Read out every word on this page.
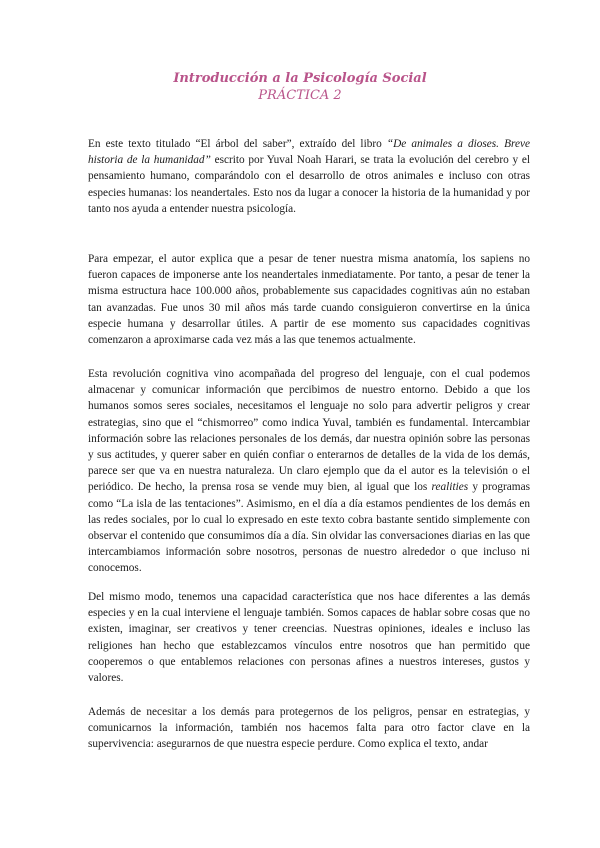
Introducción a la Psicología Social
PRÁCTICA 2

En este texto titulado “El árbol del saber”, extraído del libro “De animales a dioses. Breve historia de la humanidad” escrito por Yuval Noah Harari, se trata la evolución del cerebro y el pensamiento humano, comparándolo con el desarrollo de otros animales e incluso con otras especies humanas: los neandertales. Esto nos da lugar a conocer la historia de la humanidad y por tanto nos ayuda a entender nuestra psicología.

Para empezar, el autor explica que a pesar de tener nuestra misma anatomía, los sapiens no fueron capaces de imponerse ante los neandertales inmediatamente. Por tanto, a pesar de tener la misma estructura hace 100.000 años, probablemente sus capacidades cognitivas aún no estaban tan avanzadas. Fue unos 30 mil años más tarde cuando consiguieron convertirse en la única especie humana y desarrollar útiles. A partir de ese momento sus capacidades cognitivas comenzaron a aproximarse cada vez más a las que tenemos actualmente.

Esta revolución cognitiva vino acompañada del progreso del lenguaje, con el cual podemos almacenar y comunicar información que percibimos de nuestro entorno. Debido a que los humanos somos seres sociales, necesitamos el lenguaje no solo para advertir peligros y crear estrategias, sino que el “chismorreo” como indica Yuval, también es fundamental. Intercambiar información sobre las relaciones personales de los demás, dar nuestra opinión sobre las personas y sus actitudes, y querer saber en quién confiar o enterarnos de detalles de la vida de los demás, parece ser que va en nuestra naturaleza. Un claro ejemplo que da el autor es la televisión o el periódico. De hecho, la prensa rosa se vende muy bien, al igual que los realities y programas como “La isla de las tentaciones”. Asimismo, en el día a día estamos pendientes de los demás en las redes sociales, por lo cual lo expresado en este texto cobra bastante sentido simplemente con observar el contenido que consumimos día a día. Sin olvidar las conversaciones diarias en las que intercambiamos información sobre nosotros, personas de nuestro alrededor o que incluso ni conocemos.

Del mismo modo, tenemos una capacidad característica que nos hace diferentes a las demás especies y en la cual interviene el lenguaje también. Somos capaces de hablar sobre cosas que no existen, imaginar, ser creativos y tener creencias. Nuestras opiniones, ideales e incluso las religiones han hecho que establezcamos vínculos entre nosotros que han permitido que cooperemos o que entablemos relaciones con personas afines a nuestros intereses, gustos y valores.

Además de necesitar a los demás para protegernos de los peligros, pensar en estrategias, y comunicarnos la información, también nos hacemos falta para otro factor clave en la supervivencia: asegurarnos de que nuestra especie perdure. Como explica el texto, andar
